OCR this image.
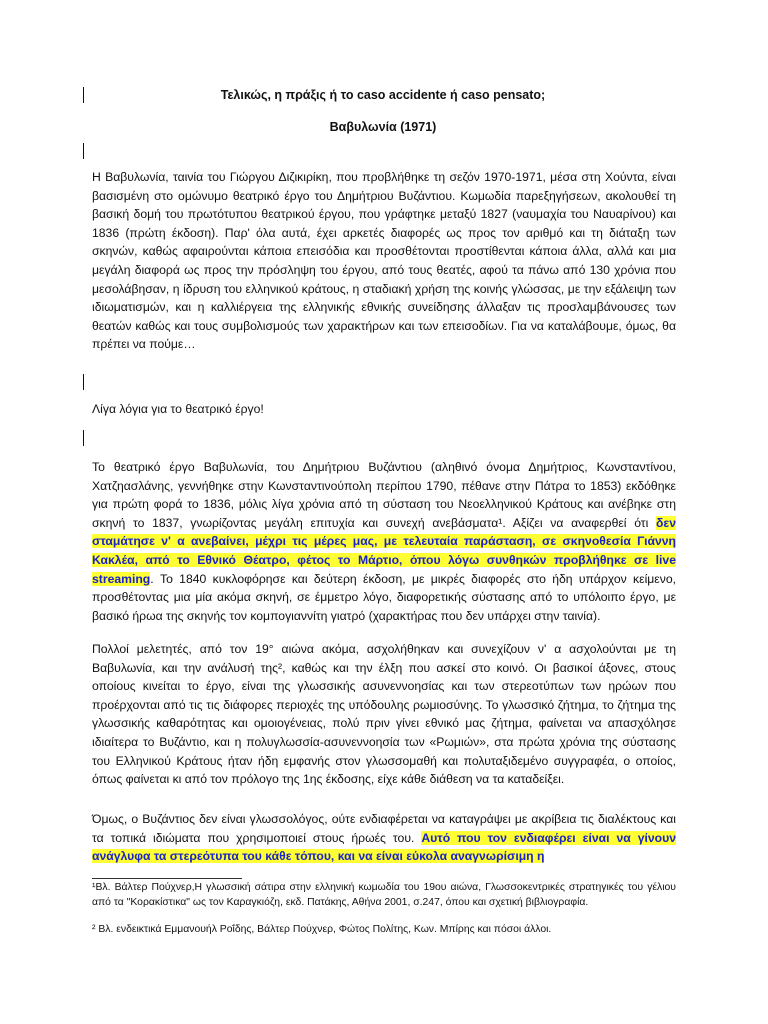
Τελικώς, η πράξις ή το caso accidente ή caso pensato;
Βαβυλωνία (1971)
Η Βαβυλωνία, ταινία του Γιώργου Διζικιρίκη, που προβλήθηκε τη σεζόν 1970-1971, μέσα στη Χούντα, είναι βασισμένη στο ομώνυμο θεατρικό έργο του Δημήτριου Βυζάντιου. Κωμωδία παρεξηγήσεων, ακολουθεί τη βασική δομή του πρωτότυπου θεατρικού έργου, που γράφτηκε μεταξύ 1827 (ναυμαχία του Ναυαρίνου) και 1836 (πρώτη έκδοση). Παρ' όλα αυτά, έχει αρκετές διαφορές ως προς τον αριθμό και τη διάταξη των σκηνών, καθώς αφαιρούνται κάποια επεισόδια και προσθέτονται προστίθενται κάποια άλλα, αλλά και μια μεγάλη διαφορά ως προς την πρόσληψη του έργου, από τους θεατές, αφού τα πάνω από 130 χρόνια που μεσολάβησαν, η ίδρυση του ελληνικού κράτους, η σταδιακή χρήση της κοινής γλώσσας, με την εξάλειψη των ιδιωματισμών, και η καλλιέργεια της ελληνικής εθνικής συνείδησης άλλαξαν τις προσλαμβάνουσες των θεατών καθώς και τους συμβολισμούς των χαρακτήρων και των επεισοδίων. Για να καταλάβουμε, όμως, θα πρέπει να πούμε…
Λίγα λόγια για το θεατρικό έργο!
Το θεατρικό έργο Βαβυλωνία, του Δημήτριου Βυζάντιου (αληθινό όνομα Δημήτριος, Κωνσταντίνου, Χατζηασλάνης, γεννήθηκε στην Κωνσταντινούπολη περίπου 1790, πέθανε στην Πάτρα το 1853) εκδόθηκε για πρώτη φορά το 1836, μόλις λίγα χρόνια από τη σύσταση του Νεοελληνικού Κράτους και ανέβηκε στη σκηνή το 1837, γνωρίζοντας μεγάλη επιτυχία και συνεχή ανεβάσματα¹. Αξίζει να αναφερθεί ότι δεν σταμάτησε ν' α ανεβαίνει, μέχρι τις μέρες μας, με τελευταία παράσταση, σε σκηνοθεσία Γιάννη Κακλέα, από το Εθνικό Θέατρο, φέτος το Μάρτιο, όπου λόγω συνθηκών προβλήθηκε σε live streaming. Το 1840 κυκλοφόρησε και δεύτερη έκδοση, με μικρές διαφορές στο ήδη υπάρχον κείμενο, προσθέτοντας μια μία ακόμα σκηνή, σε έμμετρο λόγο, διαφορετικής σύστασης από το υπόλοιπο έργο, με βασικό ήρωα της σκηνής τον κομπογιαννίτη γιατρό (χαρακτήρας που δεν υπάρχει στην ταινία).
Πολλοί μελετητές, από τον 19° αιώνα ακόμα, ασχολήθηκαν και συνεχίζουν ν' α ασχολούνται με τη Βαβυλωνία, και την ανάλυσή της², καθώς και την έλξη που ασκεί στο κοινό. Οι βασικοί άξονες, στους οποίους κινείται το έργο, είναι της γλωσσικής ασυνεννοησίας και των στερεοτύπων των ηρώων που προέρχονται από τις τις διάφορες περιοχές της υπόδουλης ρωμιοσύνης. Το γλωσσικό ζήτημα, το ζήτημα της γλωσσικής καθαρότητας και ομοιογένειας, πολύ πριν γίνει εθνικό μας ζήτημα, φαίνεται να απασχόλησε ιδιαίτερα το Βυζάντιο, και η πολυγλωσσία-ασυνεννοησία των «Ρωμιών», στα πρώτα χρόνια της σύστασης του Ελληνικού Κράτους ήταν ήδη εμφανής στον γλωσσομαθή και πολυταξιδεμένο συγγραφέα, ο οποίος, όπως φαίνεται κι από τον πρόλογο της 1ης έκδοσης, είχε κάθε διάθεση να τα καταδείξει.
Όμως, ο Βυζάντιος δεν είναι γλωσσολόγος, ούτε ενδιαφέρεται να καταγράψει με ακρίβεια τις διαλέκτους και τα τοπικά ιδιώματα που χρησιμοποιεί στους ήρωές του. Αυτό που τον ενδιαφέρει είναι να γίνουν ανάγλυφα τα στερεότυπα του κάθε τόπου, και να είναι εύκολα αναγνωρίσιμη η
¹Βλ. Βάλτερ Πούχνερ,Η γλωσσική σάτιρα στην ελληνική κωμωδία του 19ου αιώνα, Γλωσσοκεντρικές στρατηγικές του γέλιου από τα "Κορακίστικα" ως τον Καραγκιόζη, εκδ. Πατάκης, Αθήνα 2001, σ.247, όπου και σχετική βιβλιογραφία.
² Βλ. ενδεικτικά Εμμανουήλ Ροΐδης, Βάλτερ Πούχνερ, Φώτος Πολίτης, Κων. Μπίρης και πόσοι άλλοι.
